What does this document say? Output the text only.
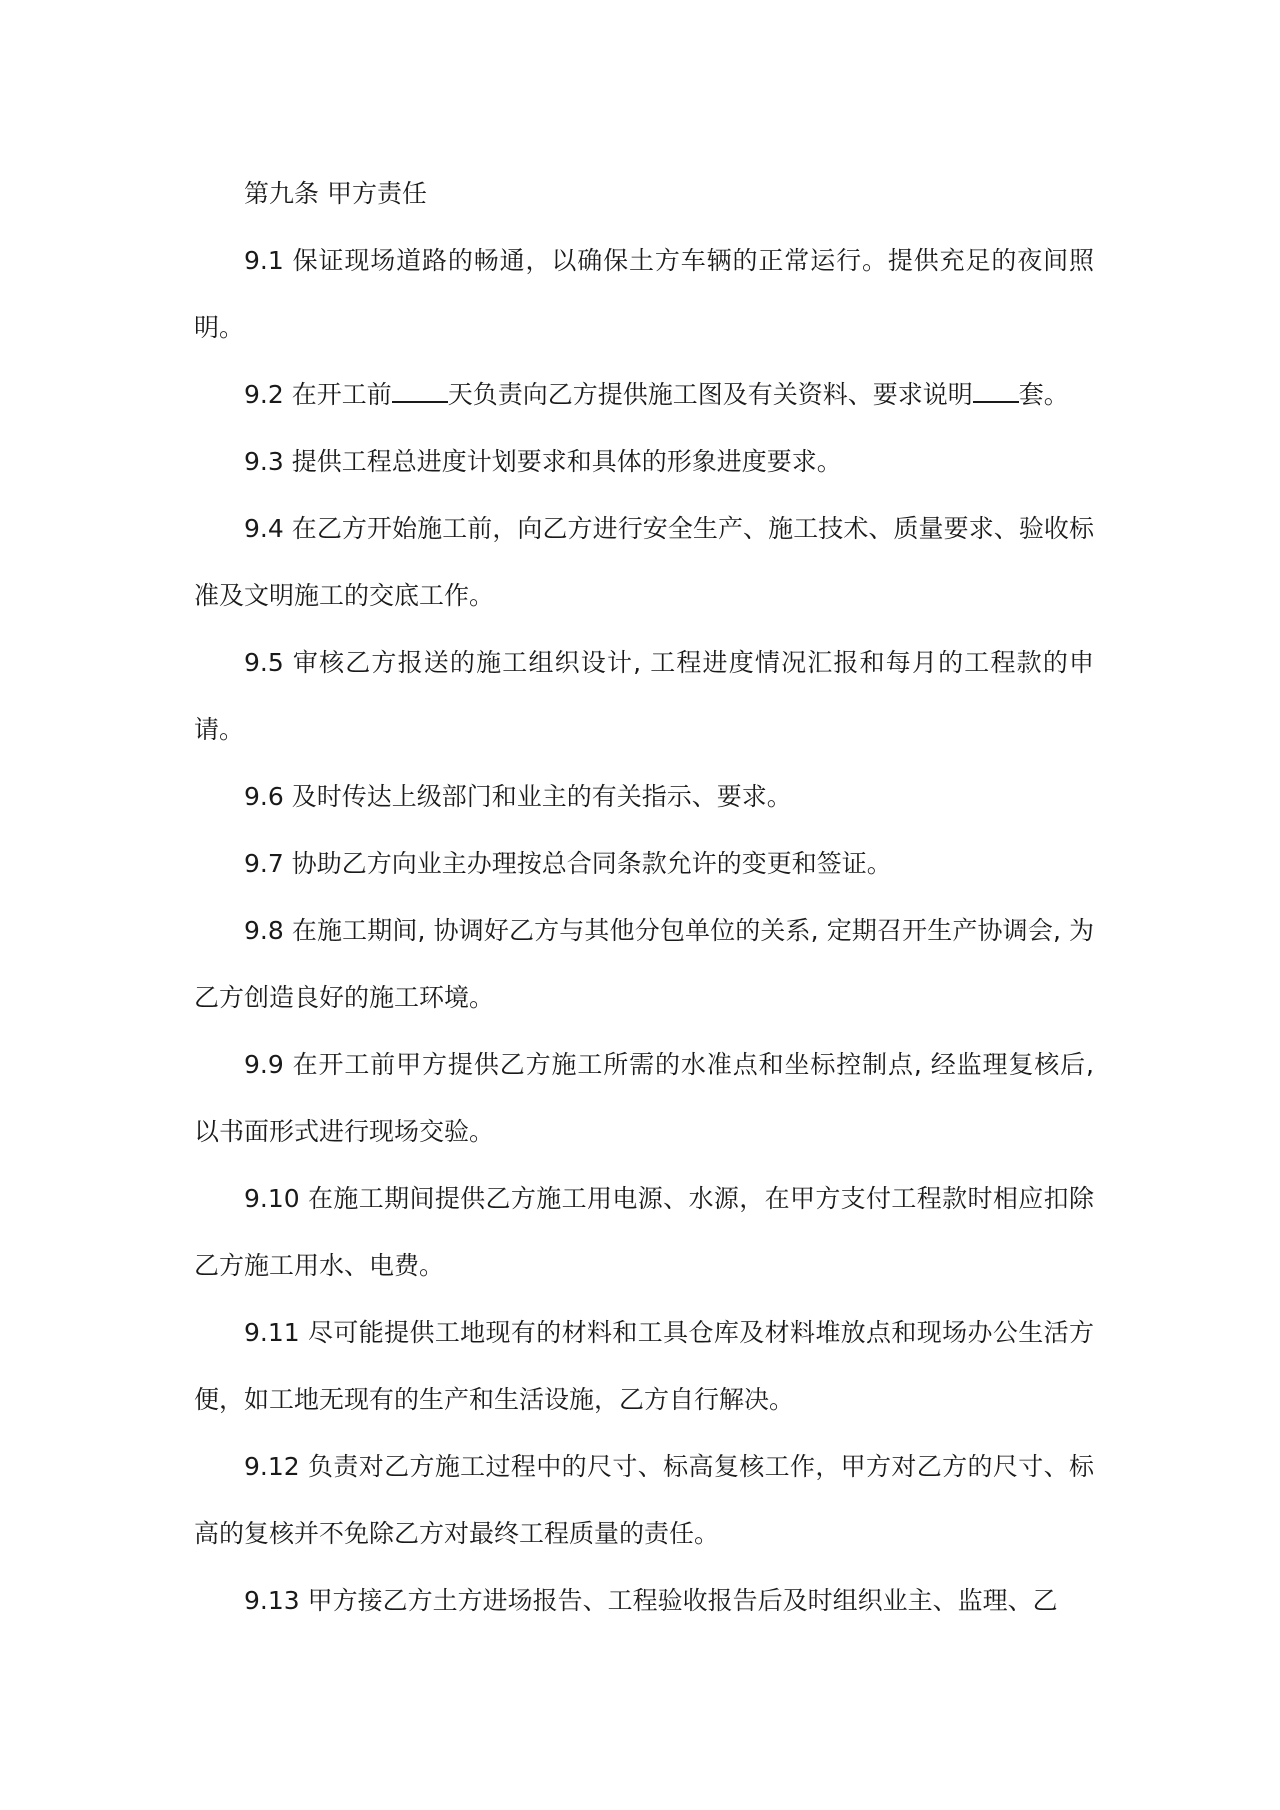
第九条 甲方责任

9.1 保证现场道路的畅通，以确保土方车辆的正常运行。提供充足的夜间照明。

9.2 在开工前 天负责向乙方提供施工图及有关资料、要求说明 套。

9.3 提供工程总进度计划要求和具体的形象进度要求。

9.4 在乙方开始施工前，向乙方进行安全生产、施工技术、质量要求、验收标准及文明施工的交底工作。

9.5 审核乙方报送的施工组织设计, 工程进度情况汇报和每月的工程款的申请。

9.6 及时传达上级部门和业主的有关指示、要求。

9.7 协助乙方向业主办理按总合同条款允许的变更和签证。

9.8 在施工期间, 协调好乙方与其他分包单位的关系, 定期召开生产协调会, 为乙方创造良好的施工环境。

9.9 在开工前甲方提供乙方施工所需的水准点和坐标控制点, 经监理复核后, 以书面形式进行现场交验。

9.10 在施工期间提供乙方施工用电源、水源，在甲方支付工程款时相应扣除乙方施工用水、电费。

9.11 尽可能提供工地现有的材料和工具仓库及材料堆放点和现场办公生活方便，如工地无现有的生产和生活设施，乙方自行解决。

9.12 负责对乙方施工过程中的尺寸、标高复核工作，甲方对乙方的尺寸、标高的复核并不免除乙方对最终工程质量的责任。

9.13 甲方接乙方土方进场报告、工程验收报告后及时组织业主、监理、乙
